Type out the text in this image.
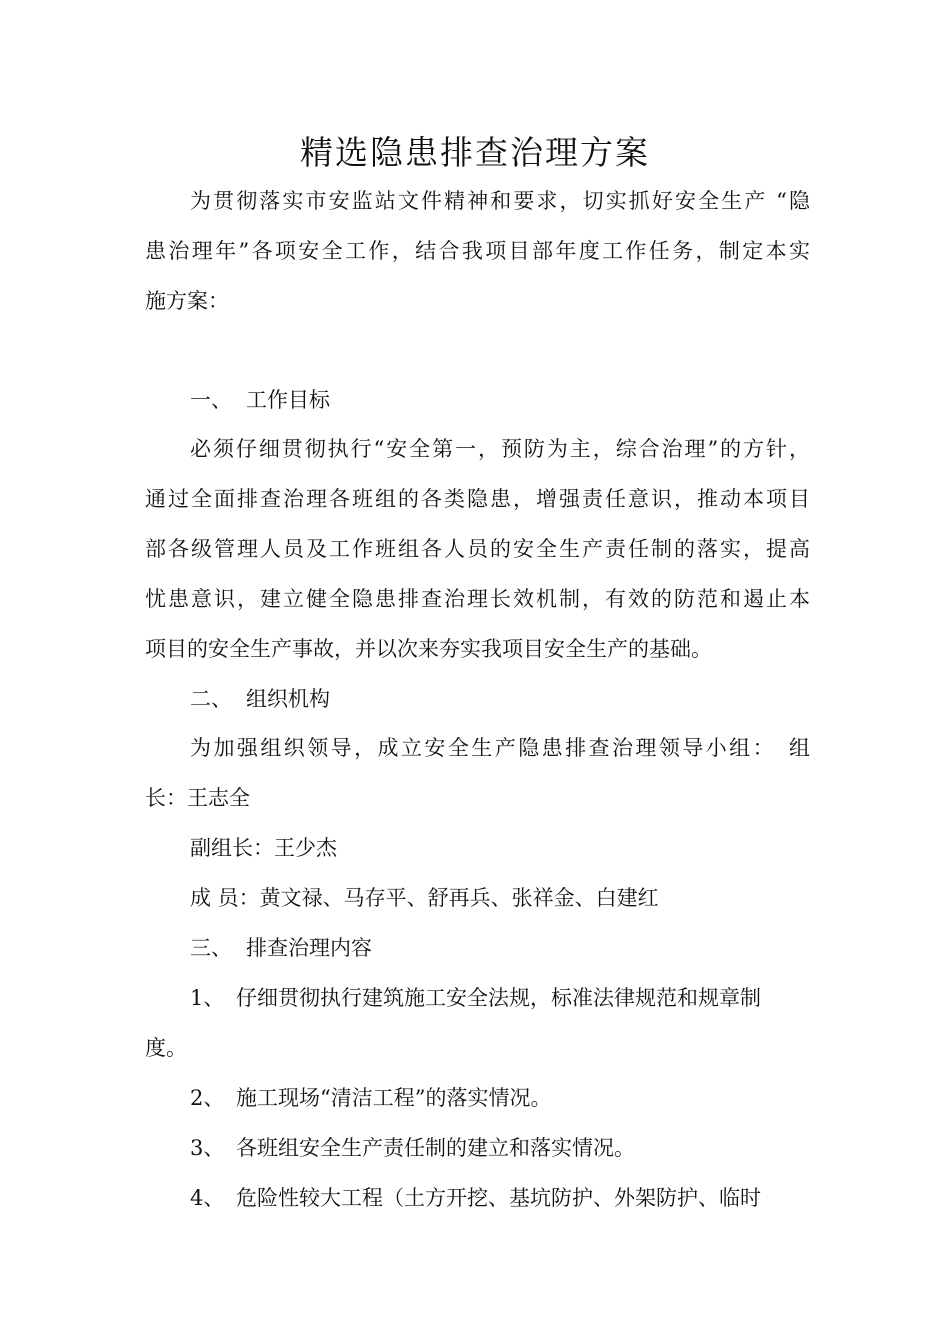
精选隐患排查治理方案

为贯彻落实市安监站文件精神和要求，切实抓好安全生产 “隐

患治理年”各项安全工作，结合我项目部年度工作任务，制定本实

施方案：

一、 工作目标

必须仔细贯彻执行“安全第一，预防为主，综合治理”的方针，

通过全面排查治理各班组的各类隐患，增强责任意识，推动本项目

部各级管理人员及工作班组各人员的安全生产责任制的落实，提高

忧患意识，建立健全隐患排查治理长效机制，有效的防范和遏止本

项目的安全生产事故，并以次来夯实我项目安全生产的基础。

二、 组织机构

为加强组织领导，成立安全生产隐患排查治理领导小组：　组

长：王志全

副组长：王少杰

成 员：黄文禄、马存平、舒再兵、张祥金、白建红

三、 排查治理内容

1、 仔细贯彻执行建筑施工安全法规，标准法律规范和规章制

度。

2、 施工现场“清洁工程”的落实情况。

3、 各班组安全生产责任制的建立和落实情况。

4、 危险性较大工程（土方开挖、基坑防护、外架防护、临时
